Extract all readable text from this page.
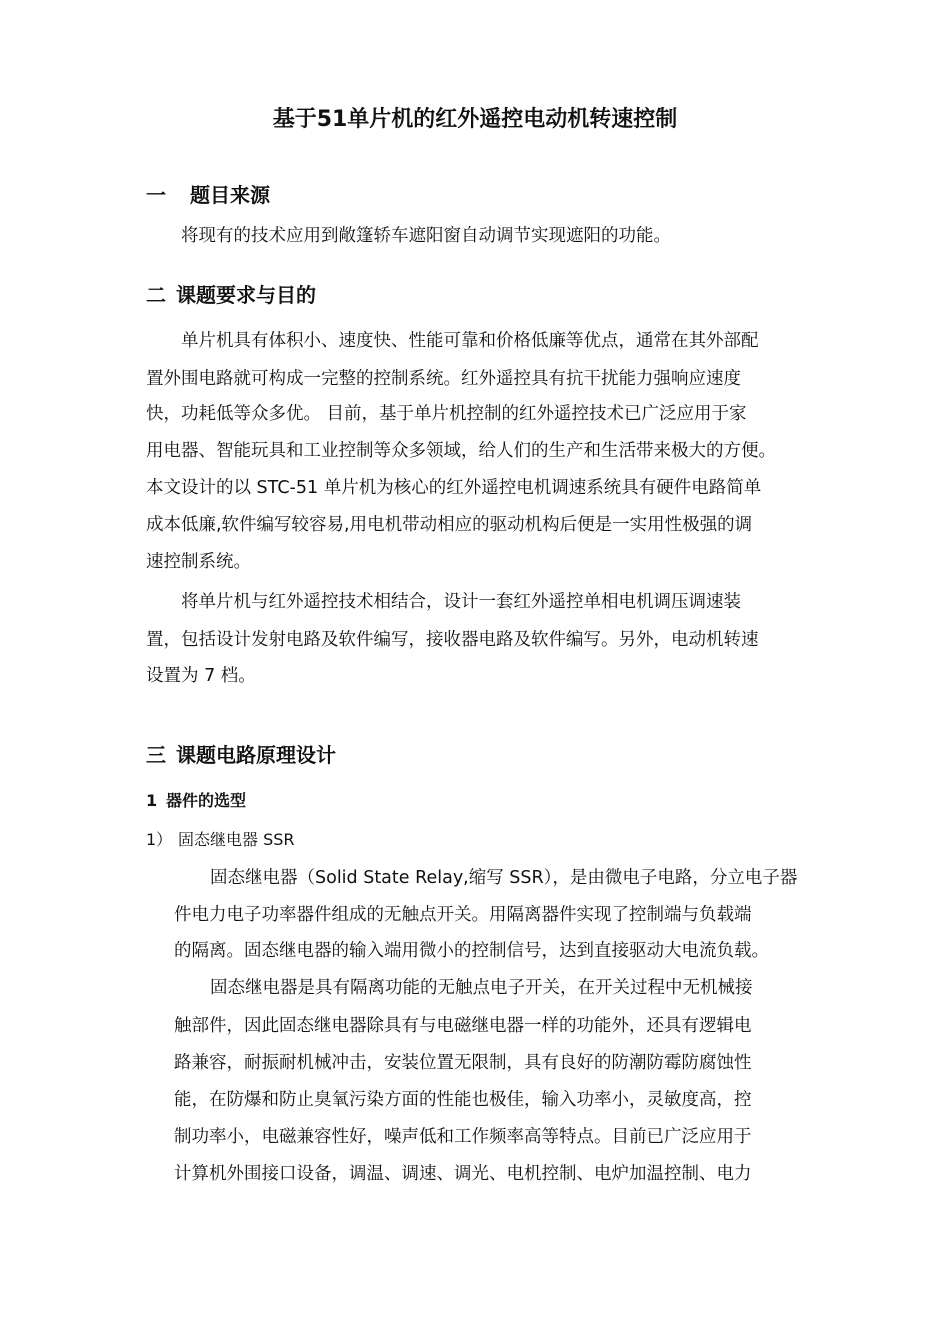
基于51单片机的红外遥控电动机转速控制
一 题目来源
将现有的技术应用到敞篷轿车遮阳窗自动调节实现遮阳的功能。
二 课题要求与目的
单片机具有体积小、速度快、性能可靠和价格低廉等优点，通常在其外部配
置外围电路就可构成一完整的控制系统。红外遥控具有抗干扰能力强响应速度
快，功耗低等众多优。 目前，基于单片机控制的红外遥控技术已广泛应用于家
用电器、智能玩具和工业控制等众多领域，给人们的生产和生活带来极大的方便。
本文设计的以 STC-51 单片机为核心的红外遥控电机调速系统具有硬件电路简单
成本低廉,软件编写较容易,用电机带动相应的驱动机构后便是一实用性极强的调
速控制系统。
将单片机与红外遥控技术相结合，设计一套红外遥控单相电机调压调速装
置，包括设计发射电路及软件编写，接收器电路及软件编写。另外，电动机转速
设置为 7 档。
三 课题电路原理设计
1 器件的选型
1） 固态继电器 SSR
固态继电器（Solid State Relay,缩写 SSR），是由微电子电路，分立电子器
件电力电子功率器件组成的无触点开关。用隔离器件实现了控制端与负载端
的隔离。固态继电器的输入端用微小的控制信号，达到直接驱动大电流负载。
固态继电器是具有隔离功能的无触点电子开关，在开关过程中无机械接
触部件，因此固态继电器除具有与电磁继电器一样的功能外，还具有逻辑电
路兼容，耐振耐机械冲击，安装位置无限制，具有良好的防潮防霉防腐蚀性
能，在防爆和防止臭氧污染方面的性能也极佳，输入功率小，灵敏度高，控
制功率小，电磁兼容性好，噪声低和工作频率高等特点。目前已广泛应用于
计算机外围接口设备，调温、调速、调光、电机控制、电炉加温控制、电力
